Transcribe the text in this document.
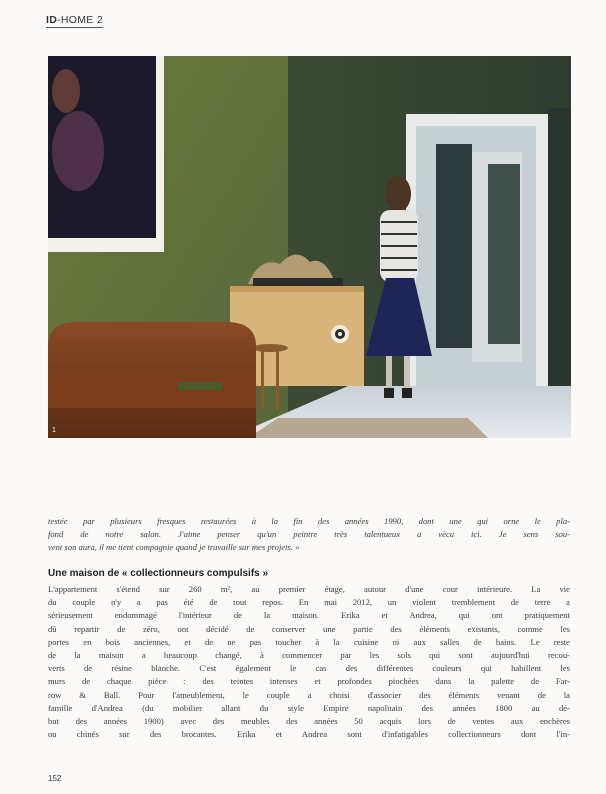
ID-HOME 2
1
testée par plusieurs fresques restaurées à la fin des années 1990, dont une qui orne le pla-
fond de notre salon. J'aime penser qu'un peintre très talentueux a vécu ici. Je sens sou-
vent son aura, il me tient compagnie quand je travaille sur mes projets. »
Une maison de « collectionneurs compulsifs »
L'appartement s'étend sur 260 m², au premier étage, autour d'une cour intérieure. La vie
du couple n'y a pas été de tout repos. En mai 2012, un violent tremblement de terre a
sérieusement endommagé l'intérieur de la maison. Erika et Andrea, qui ont pratiquement
dû repartir de zéro, ont décidé de conserver une partie des éléments existants, comme les
portes en bois anciennes, et de ne pas toucher à la cuisine ni aux salles de bains. Le reste
de la maison a beaucoup changé, à commencer par les sols qui sont aujourd'hui recou-
verts de résine blanche. C'est également le cas des différentes couleurs qui habillent les
murs de chaque pièce : des teintes intenses et profondes piochées dans la palette de Far-
row & Ball. Pour l'ameublement, le couple a choisi d'associer des éléments venant de la
famille d'Andrea (du mobilier allant du style Empire napolitain des années 1800 au dé-
but des années 1900) avec des meubles des années 50 acquis lors de ventes aux enchères
ou chinés sur des brocantes. Erika et Andrea sont d'infatigables collectionneurs dont l'in-
152
